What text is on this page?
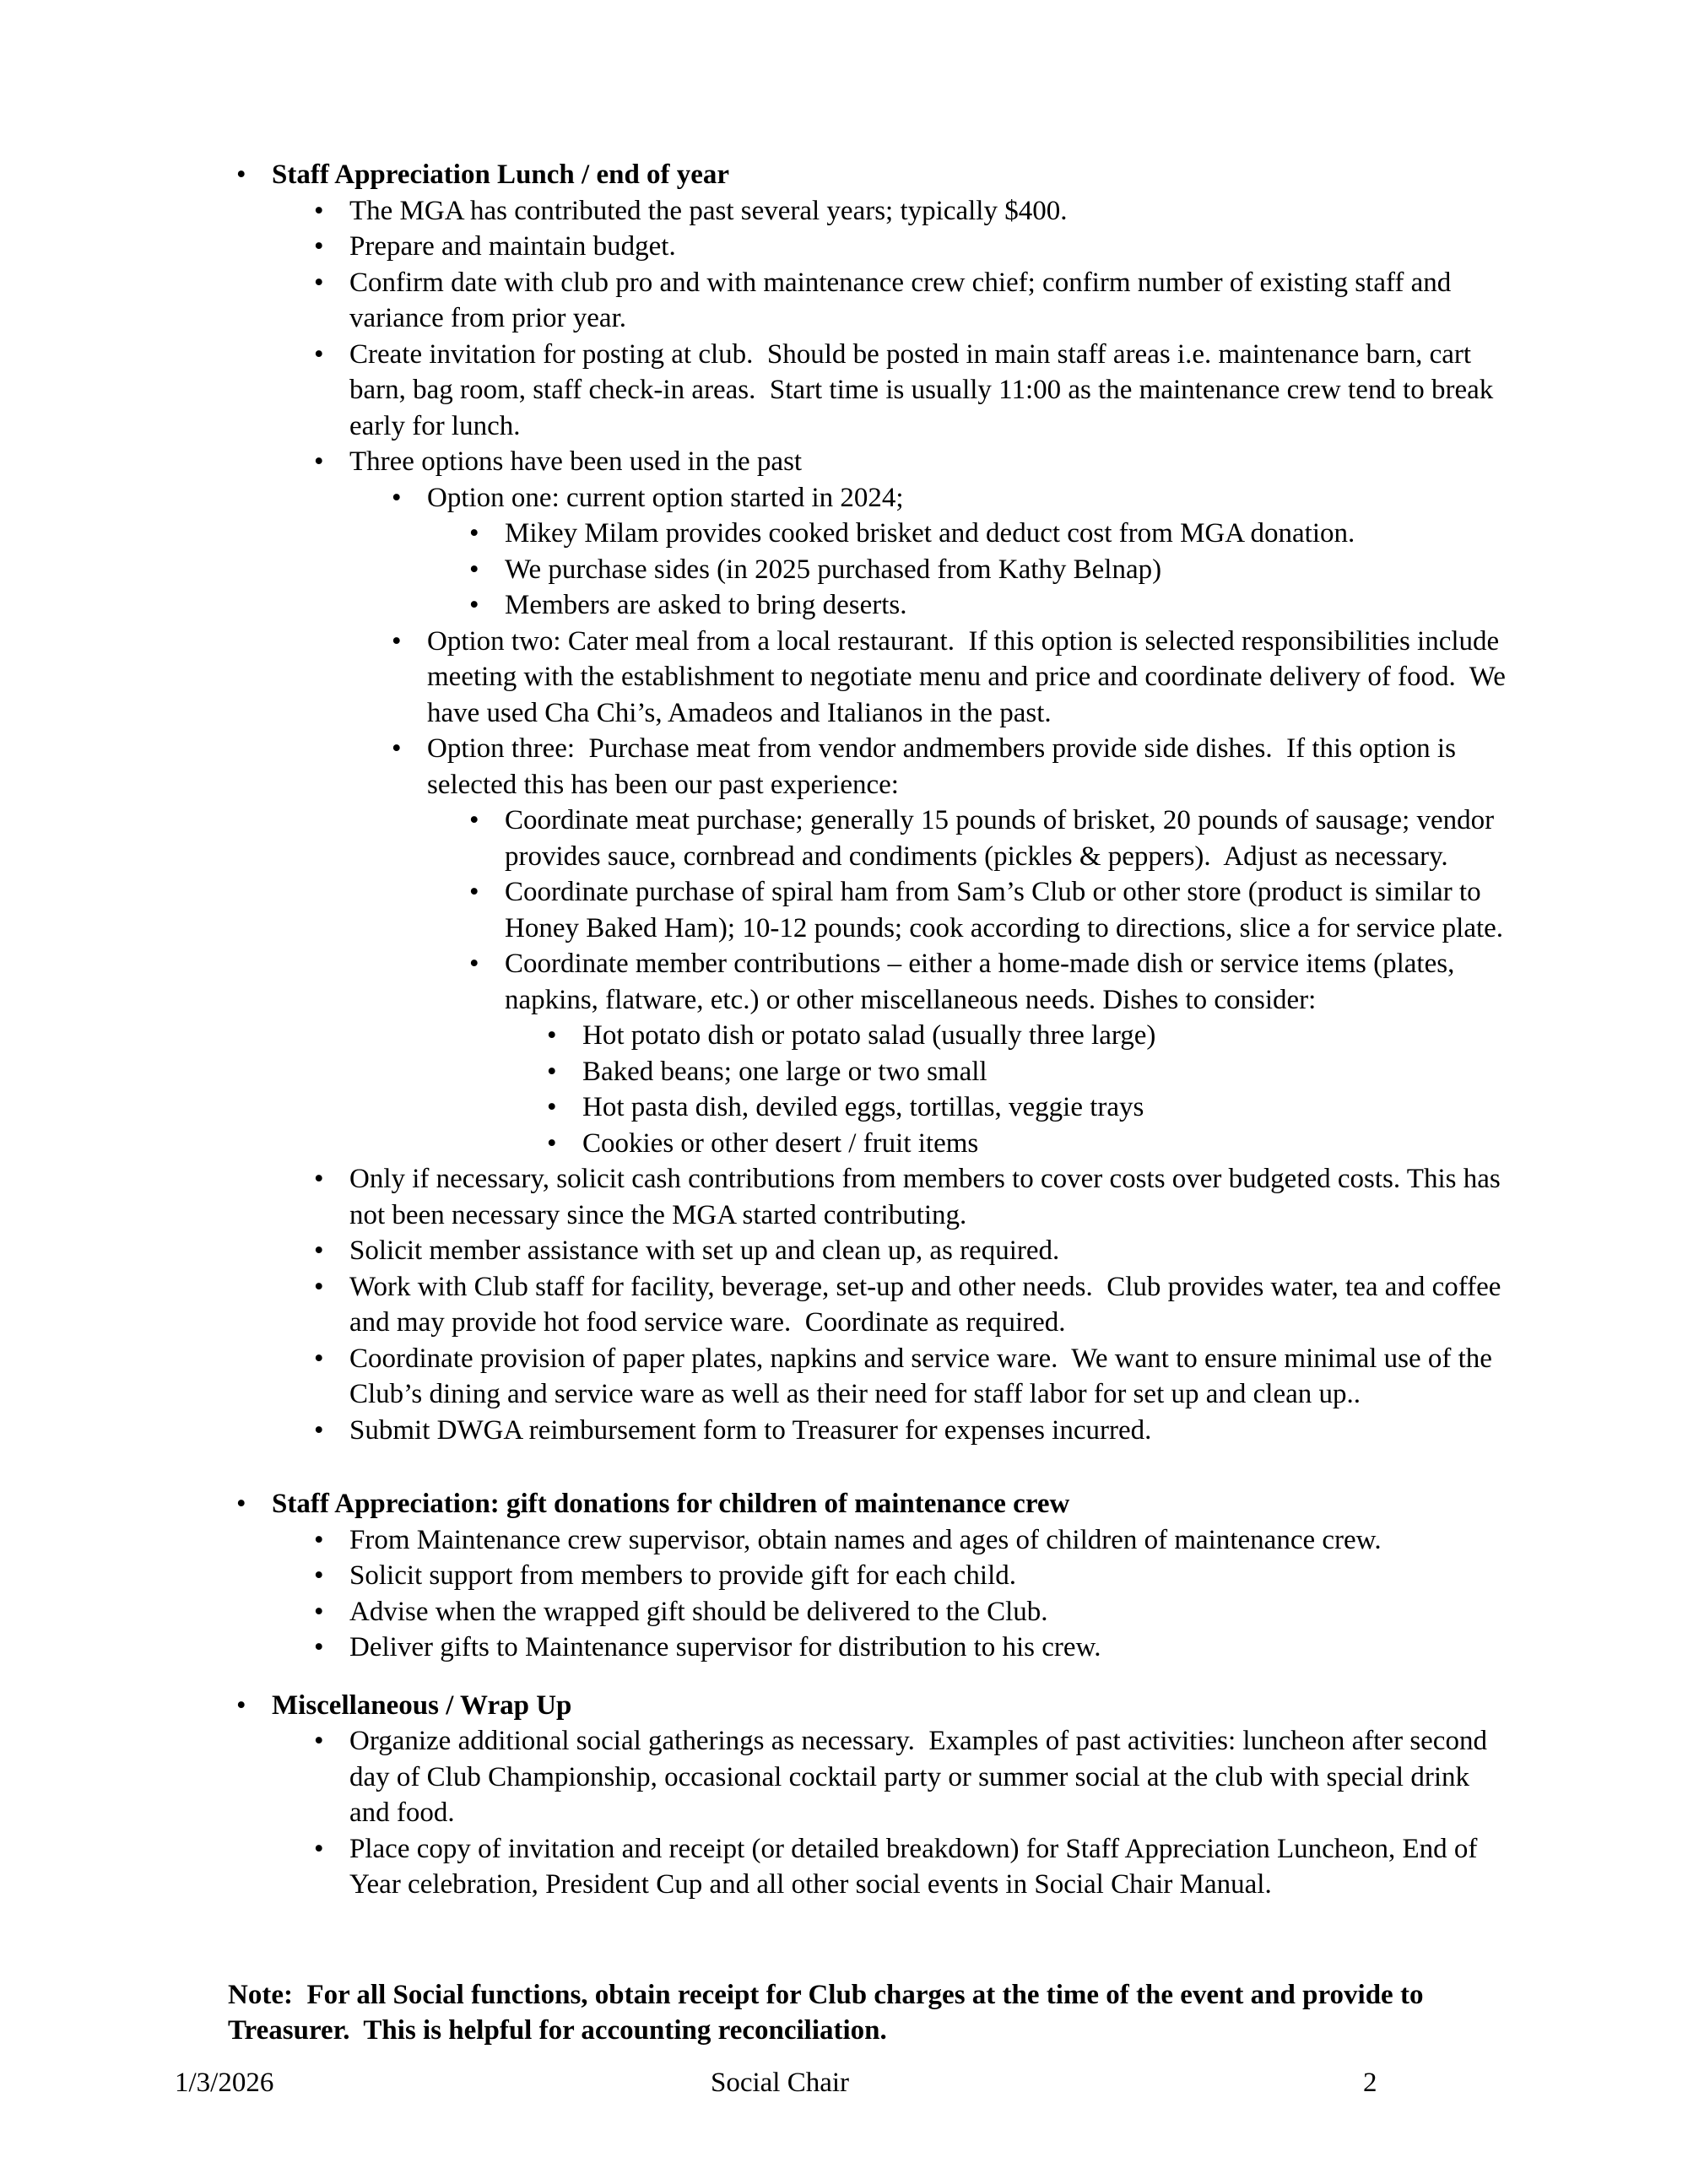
• Staff Appreciation Lunch / end of year
• The MGA has contributed the past several years; typically $400.
• Prepare and maintain budget.
• Confirm date with club pro and with maintenance crew chief; confirm number of existing staff and variance from prior year.
• Create invitation for posting at club.  Should be posted in main staff areas i.e. maintenance barn, cart barn, bag room, staff check-in areas.  Start time is usually 11:00 as the maintenance crew tend to break early for lunch.
• Three options have been used in the past
• Option one: current option started in 2024;
• Mikey Milam provides cooked brisket and deduct cost from MGA donation.
• We purchase sides (in 2025 purchased from Kathy Belnap)
• Members are asked to bring deserts.
• Option two: Cater meal from a local restaurant.  If this option is selected responsibilities include meeting with the establishment to negotiate menu and price and coordinate delivery of food.  We have used Cha Chi’s, Amadeos and Italianos in the past.
• Option three:  Purchase meat from vendor andmembers provide side dishes.  If this option is selected this has been our past experience:
• Coordinate meat purchase; generally 15 pounds of brisket, 20 pounds of sausage; vendor provides sauce, cornbread and condiments (pickles & peppers).  Adjust as necessary.
• Coordinate purchase of spiral ham from Sam’s Club or other store (product is similar to Honey Baked Ham); 10-12 pounds; cook according to directions, slice a for service plate.
• Coordinate member contributions – either a home-made dish or service items (plates, napkins, flatware, etc.) or other miscellaneous needs. Dishes to consider:
• Hot potato dish or potato salad (usually three large)
• Baked beans; one large or two small
• Hot pasta dish, deviled eggs, tortillas, veggie trays
• Cookies or other desert / fruit items
• Only if necessary, solicit cash contributions from members to cover costs over budgeted costs. This has not been necessary since the MGA started contributing.
• Solicit member assistance with set up and clean up, as required.
• Work with Club staff for facility, beverage, set-up and other needs.  Club provides water, tea and coffee and may provide hot food service ware.  Coordinate as required.
• Coordinate provision of paper plates, napkins and service ware.  We want to ensure minimal use of the Club’s dining and service ware as well as their need for staff labor for set up and clean up..
• Submit DWGA reimbursement form to Treasurer for expenses incurred.
• Staff Appreciation: gift donations for children of maintenance crew
• From Maintenance crew supervisor, obtain names and ages of children of maintenance crew.
• Solicit support from members to provide gift for each child.
• Advise when the wrapped gift should be delivered to the Club.
• Deliver gifts to Maintenance supervisor for distribution to his crew.
• Miscellaneous / Wrap Up
• Organize additional social gatherings as necessary.  Examples of past activities: luncheon after second day of Club Championship, occasional cocktail party or summer social at the club with special drink and food.
• Place copy of invitation and receipt (or detailed breakdown) for Staff Appreciation Luncheon, End of Year celebration, President Cup and all other social events in Social Chair Manual.

Note:  For all Social functions, obtain receipt for Club charges at the time of the event and provide to Treasurer.  This is helpful for accounting reconciliation.

1/3/2026	Social Chair	2
